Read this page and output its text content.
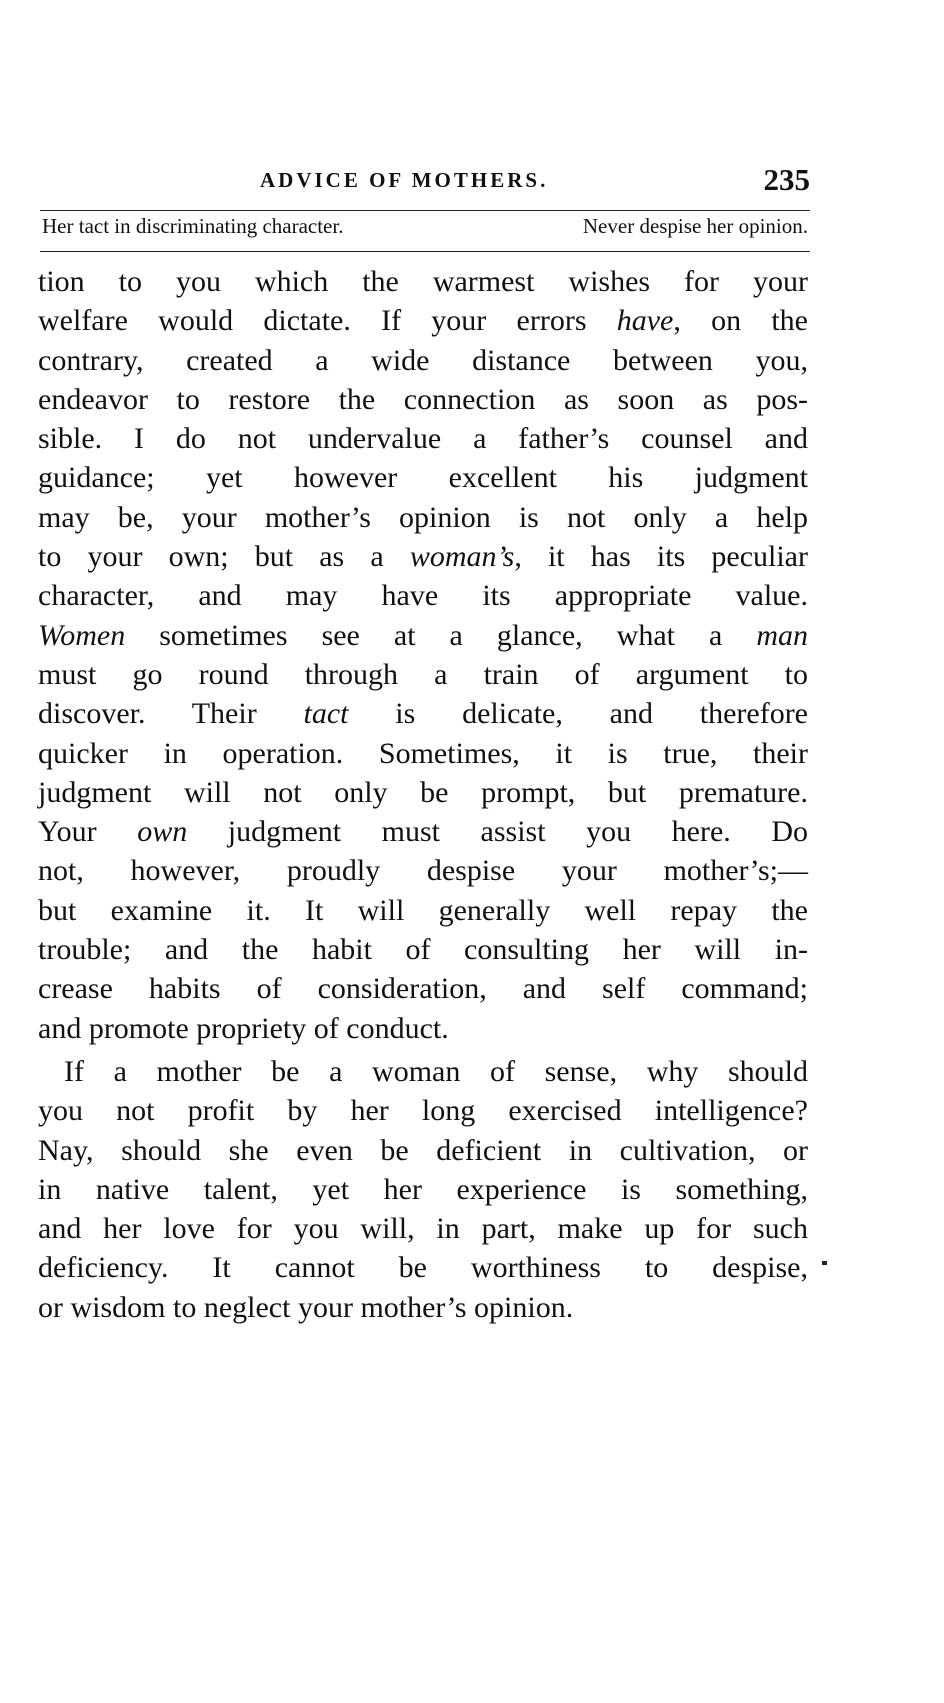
ADVICE OF MOTHERS.	235
Her tact in discriminating character.	Never despise her opinion.
tion to you which the warmest wishes for your
welfare would dictate. If your errors have, on the
contrary, created a wide distance between you,
endeavor to restore the connection as soon as pos-
sible. I do not undervalue a father’s counsel and
guidance; yet however excellent his judgment
may be, your mother’s opinion is not only a help
to your own; but as a woman’s, it has its peculiar
character, and may have its appropriate value.
Women sometimes see at a glance, what a man
must go round through a train of argument to
discover. Their tact is delicate, and therefore
quicker in operation. Sometimes, it is true, their
judgment will not only be prompt, but premature.
Your own judgment must assist you here. Do
not, however, proudly despise your mother’s;—
but examine it. It will generally well repay the
trouble; and the habit of consulting her will in-
crease habits of consideration, and self command;
and promote propriety of conduct.
If a mother be a woman of sense, why should
you not profit by her long exercised intelligence?
Nay, should she even be deficient in cultivation, or
in native talent, yet her experience is something,
and her love for you will, in part, make up for such
deficiency. It cannot be worthiness to despise,
or wisdom to neglect your mother’s opinion.
